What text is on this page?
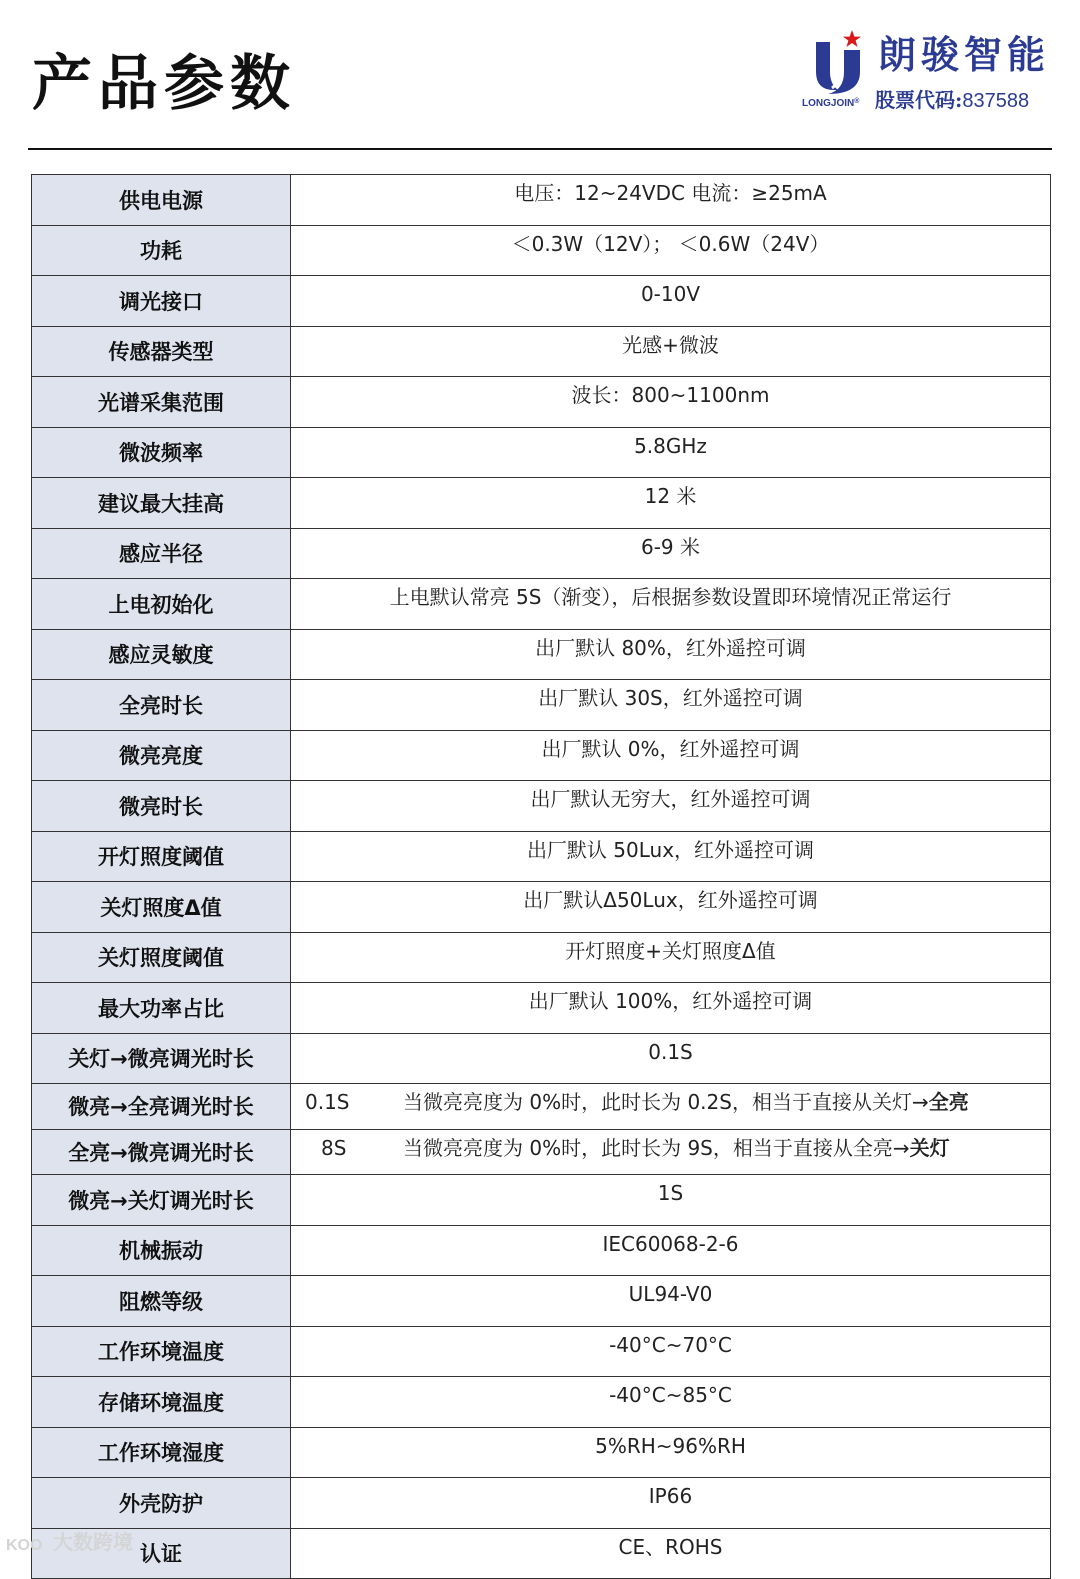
产品参数	朗骏智能
LONGJOIN® 股票代码:837588
供电电源	电压：12~24VDC 电流：≥25mA
功耗	＜0.3W（12V）； ＜0.6W（24V）
调光接口	0-10V
传感器类型	光感+微波
光谱采集范围	波长：800~1100nm
微波频率	5.8GHz
建议最大挂高	12 米
感应半径	6-9 米
上电初始化	上电默认常亮 5S（渐变），后根据参数设置即环境情况正常运行
感应灵敏度	出厂默认 80%，红外遥控可调
全亮时长	出厂默认 30S，红外遥控可调
微亮亮度	出厂默认 0%，红外遥控可调
微亮时长	出厂默认无穷大，红外遥控可调
开灯照度阈值	出厂默认 50Lux，红外遥控可调
关灯照度Δ值	出厂默认Δ50Lux，红外遥控可调
关灯照度阈值	开灯照度+关灯照度Δ值
最大功率占比	出厂默认 100%，红外遥控可调
关灯→微亮调光时长	0.1S
微亮→全亮调光时长	0.1S 当微亮亮度为 0%时，此时长为 0.2S，相当于直接从关灯→全亮

全亮→微亮调光时长	8S 当微亮亮度为 0%时，此时长为 9S，相当于直接从全亮→关灯

微亮→关灯调光时长	1S
机械振动	IEC60068-2-6
阻燃等级	UL94-V0
工作环境温度	-40°C~70°C
存储环境温度	-40°C~85°C
工作环境湿度	5%RH~96%RH
外壳防护	IP66
认证	CE、ROHS
KOO 大数跨境
